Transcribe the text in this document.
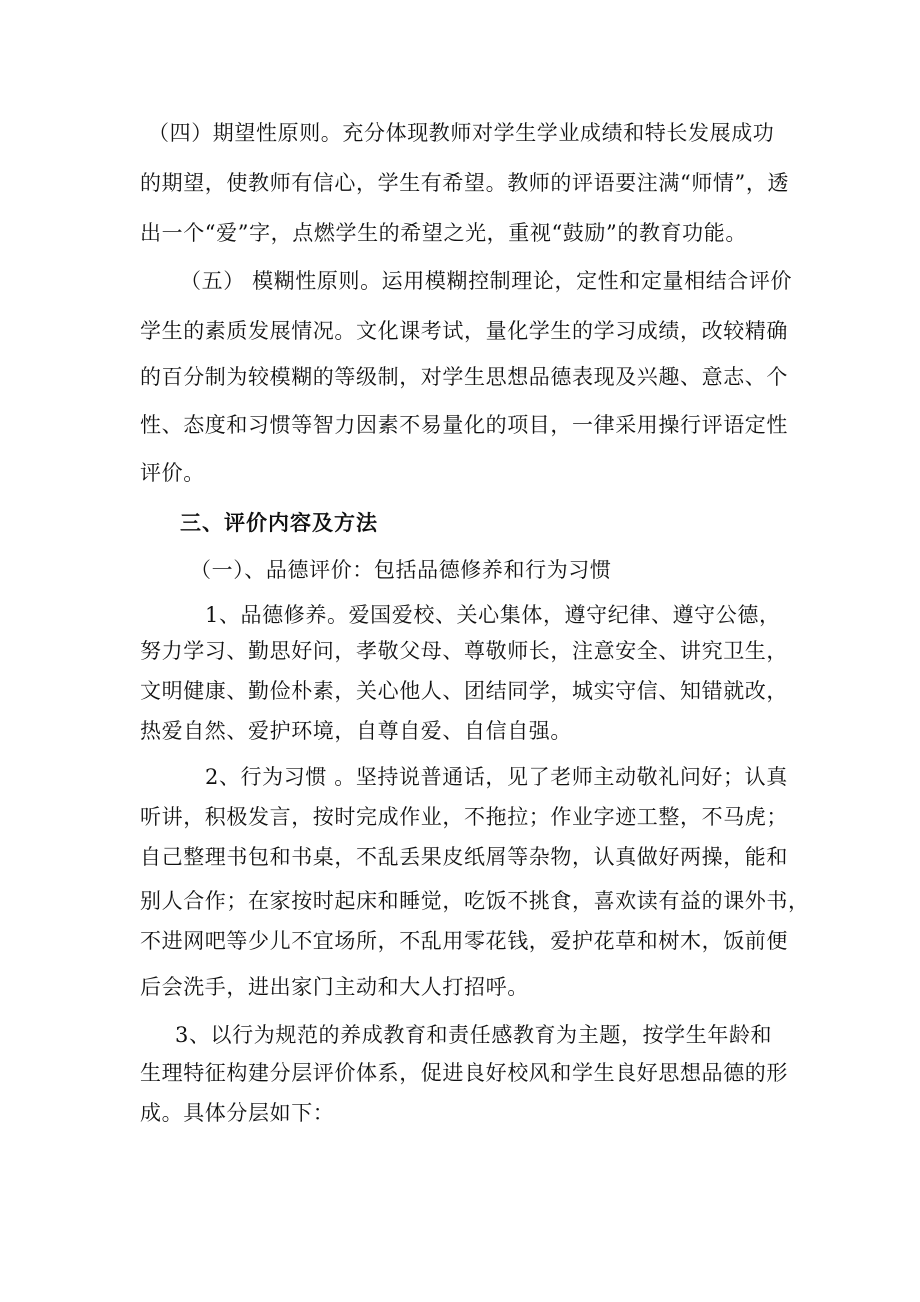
（四）期望性原则。充分体现教师对学生学业成绩和特长发展成功
的期望，使教师有信心，学生有希望。教师的评语要注满“师情”，透
出一个“爱”字，点燃学生的希望之光，重视“鼓励”的教育功能。
（五） 模糊性原则。运用模糊控制理论，定性和定量相结合评价
学生的素质发展情况。文化课考试，量化学生的学习成绩，改较精确
的百分制为较模糊的等级制，对学生思想品德表现及兴趣、意志、个
性、态度和习惯等智力因素不易量化的项目，一律采用操行评语定性
评价。
三、评价内容及方法
（一）、品德评价：包括品德修养和行为习惯
1、品德修养。爱国爱校、关心集体，遵守纪律、遵守公德，
努力学习、勤思好问，孝敬父母、尊敬师长，注意安全、讲究卫生，
文明健康、勤俭朴素，关心他人、团结同学，城实守信、知错就改，
热爱自然、爱护环境，自尊自爱、自信自强。
2、行为习惯 。坚持说普通话，见了老师主动敬礼问好；认真
听讲，积极发言，按时完成作业，不拖拉；作业字迹工整，不马虎；
自己整理书包和书桌，不乱丢果皮纸屑等杂物，认真做好两操，能和
别人合作；在家按时起床和睡觉，吃饭不挑食，喜欢读有益的课外书，
不进网吧等少儿不宜场所，不乱用零花钱，爱护花草和树木，饭前便
后会洗手，进出家门主动和大人打招呼。
3、以行为规范的养成教育和责任感教育为主题，按学生年龄和
生理特征构建分层评价体系，促进良好校风和学生良好思想品德的形
成。具体分层如下：
